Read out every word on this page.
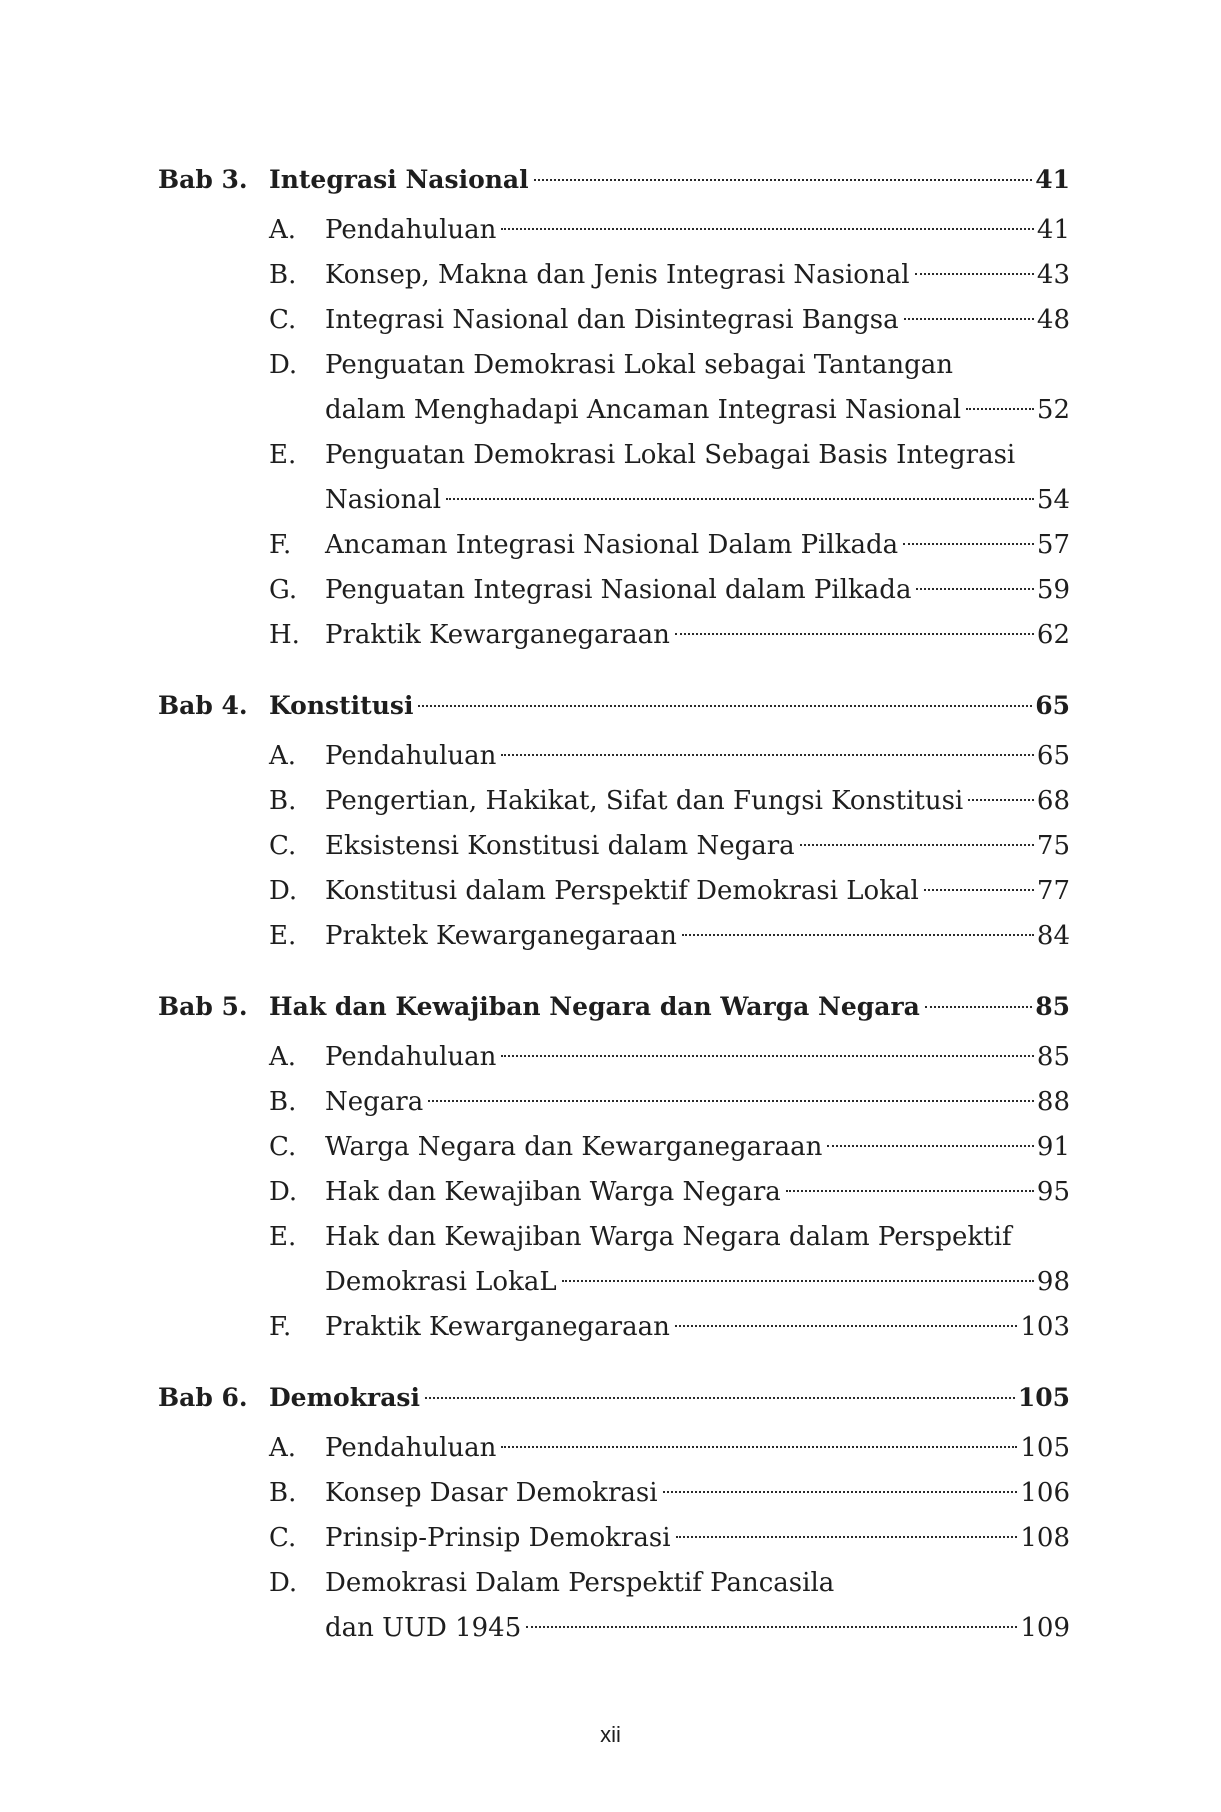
Bab 3. Integrasi Nasional	41
A.	Pendahuluan	41
B.	Konsep, Makna dan Jenis Integrasi Nasional	43
C.	Integrasi Nasional dan Disintegrasi Bangsa	48
D.	Penguatan Demokrasi Lokal sebagai Tantangan
dalam Menghadapi Ancaman Integrasi Nasional	52
E.	Penguatan Demokrasi Lokal Sebagai Basis Integrasi
Nasional	54
F.	Ancaman Integrasi Nasional Dalam Pilkada	57
G.	Penguatan Integrasi Nasional dalam Pilkada	59
H. Praktik Kewarganegaraan	62
Bab 4. Konstitusi	65
A.	Pendahuluan	65
B.	Pengertian, Hakikat, Sifat dan Fungsi Konstitusi	68
C.	Eksistensi Konstitusi dalam Negara	75
D.	Konstitusi dalam Perspektif Demokrasi Lokal	77
E.	Praktek Kewarganegaraan	84
Bab 5. Hak dan Kewajiban Negara dan Warga Negara	85
A.	Pendahuluan	85
B.	Negara	88
C.	Warga Negara dan Kewarganegaraan	91
D.	Hak dan Kewajiban Warga Negara	95
E.	Hak dan Kewajiban Warga Negara dalam Perspektif
Demokrasi LokaL	98
F.	Praktik Kewarganegaraan	103
Bab 6. Demokrasi	105
A.	Pendahuluan	105
B.	Konsep Dasar Demokrasi	106
C.	Prinsip-Prinsip Demokrasi	108
D.	Demokrasi Dalam Perspektif Pancasila
dan UUD 1945	109
xii
